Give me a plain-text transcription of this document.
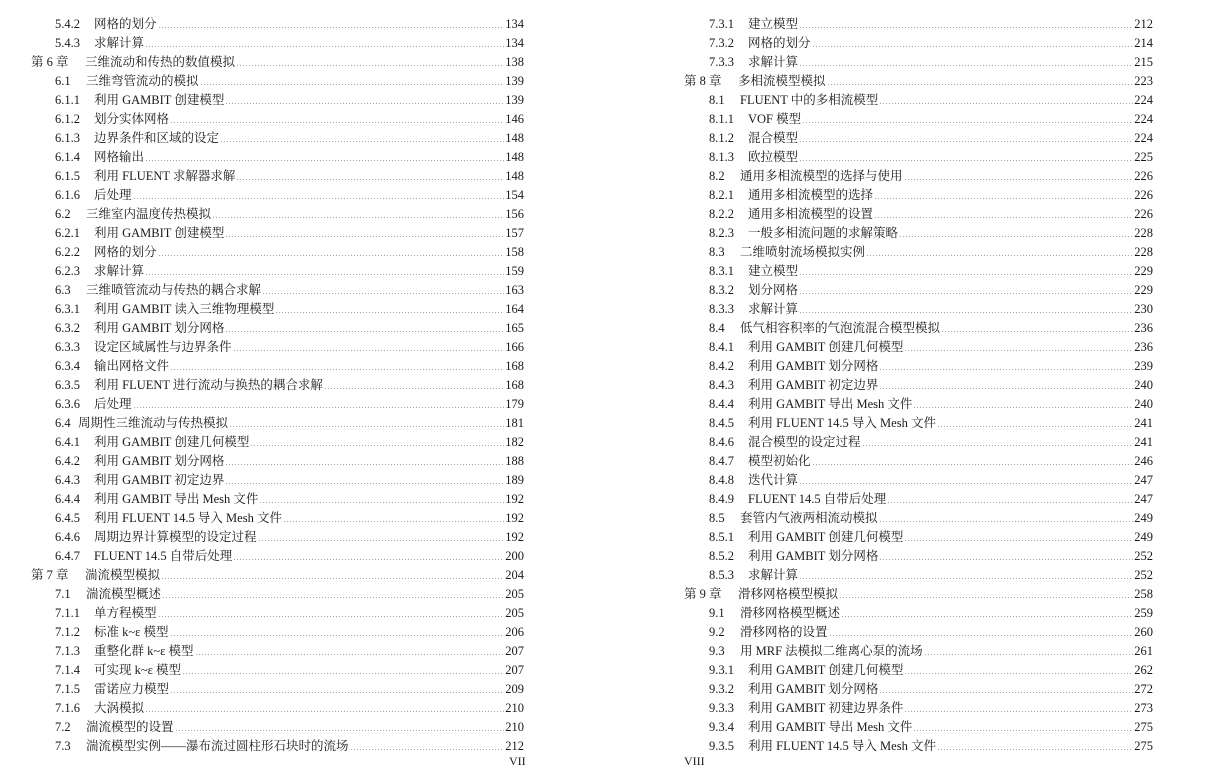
5.4.2	网格的划分	134
5.4.3	求解计算	134
第 6 章	三维流动和传热的数值模拟	138
6.1	三维弯管流动的模拟	139
6.1.1	利用 GAMBIT 创建模型	139
6.1.2	划分实体网格	146
6.1.3	边界条件和区域的设定	148
6.1.4	网格输出	148
6.1.5	利用 FLUENT 求解器求解	148
6.1.6	后处理	154
6.2	三维室内温度传热模拟	156
6.2.1	利用 GAMBIT 创建模型	157
6.2.2	网格的划分	158
6.2.3	求解计算	159
6.3	三维喷管流动与传热的耦合求解	163
6.3.1	利用 GAMBIT 读入三维物理模型	164
6.3.2	利用 GAMBIT 划分网格	165
6.3.3	设定区域属性与边界条件	166
6.3.4	输出网格文件	168
6.3.5	利用 FLUENT 进行流动与换热的耦合求解	168
6.3.6	后处理	179
6.4 周期性三维流动与传热模拟	181
6.4.1	利用 GAMBIT 创建几何模型	182
6.4.2	利用 GAMBIT 划分网格	188
6.4.3	利用 GAMBIT 初定边界	189
6.4.4	利用 GAMBIT 导出 Mesh 文件	192
6.4.5	利用 FLUENT 14.5 导入 Mesh 文件	192
6.4.6	周期边界计算模型的设定过程	192
6.4.7	FLUENT 14.5 自带后处理	200
第 7 章	湍流模型模拟	204
7.1	湍流模型概述	205
7.1.1	单方程模型	205
7.1.2	标准 k~ε 模型	206
7.1.3	重整化群 k~ε 模型	207
7.1.4	可实现 k~ε 模型	207
7.1.5	雷诺应力模型	209
7.1.6	大涡模拟	210
7.2	湍流模型的设置	210
7.3	湍流模型实例——瀑布流过圆柱形石块时的流场	212
7.3.1	建立模型	212
7.3.2	网格的划分	214
7.3.3	求解计算	215
第 8 章	多相流模型模拟	223
8.1	FLUENT 中的多相流模型	224
8.1.1	VOF 模型	224
8.1.2	混合模型	224
8.1.3	欧拉模型	225
8.2	通用多相流模型的选择与使用	226
8.2.1	通用多相流模型的选择	226
8.2.2	通用多相流模型的设置	226
8.2.3	一般多相流问题的求解策略	228
8.3	二维喷射流场模拟实例	228
8.3.1	建立模型	229
8.3.2	划分网格	229
8.3.3	求解计算	230
8.4	低气相容积率的气泡流混合模型模拟	236
8.4.1	利用 GAMBIT 创建几何模型	236
8.4.2	利用 GAMBIT 划分网格	239
8.4.3	利用 GAMBIT 初定边界	240
8.4.4	利用 GAMBIT 导出 Mesh 文件	240
8.4.5	利用 FLUENT 14.5 导入 Mesh 文件	241
8.4.6	混合模型的设定过程	241
8.4.7	模型初始化	246
8.4.8	迭代计算	247
8.4.9	FLUENT 14.5 自带后处理	247
8.5	套管内气液两相流动模拟	249
8.5.1	利用 GAMBIT 创建几何模型	249
8.5.2	利用 GAMBIT 划分网格	252
8.5.3	求解计算	252
第 9 章	滑移网格模型模拟	258
9.1	滑移网格模型概述	259
9.2	滑移网格的设置	260
9.3	用 MRF 法模拟二维离心泵的流场	261
9.3.1	利用 GAMBIT 创建几何模型	262
9.3.2	利用 GAMBIT 划分网格	272
9.3.3	利用 GAMBIT 初建边界条件	273
9.3.4	利用 GAMBIT 导出 Mesh 文件	275
9.3.5	利用 FLUENT 14.5 导入 Mesh 文件	275
VII	VIII
